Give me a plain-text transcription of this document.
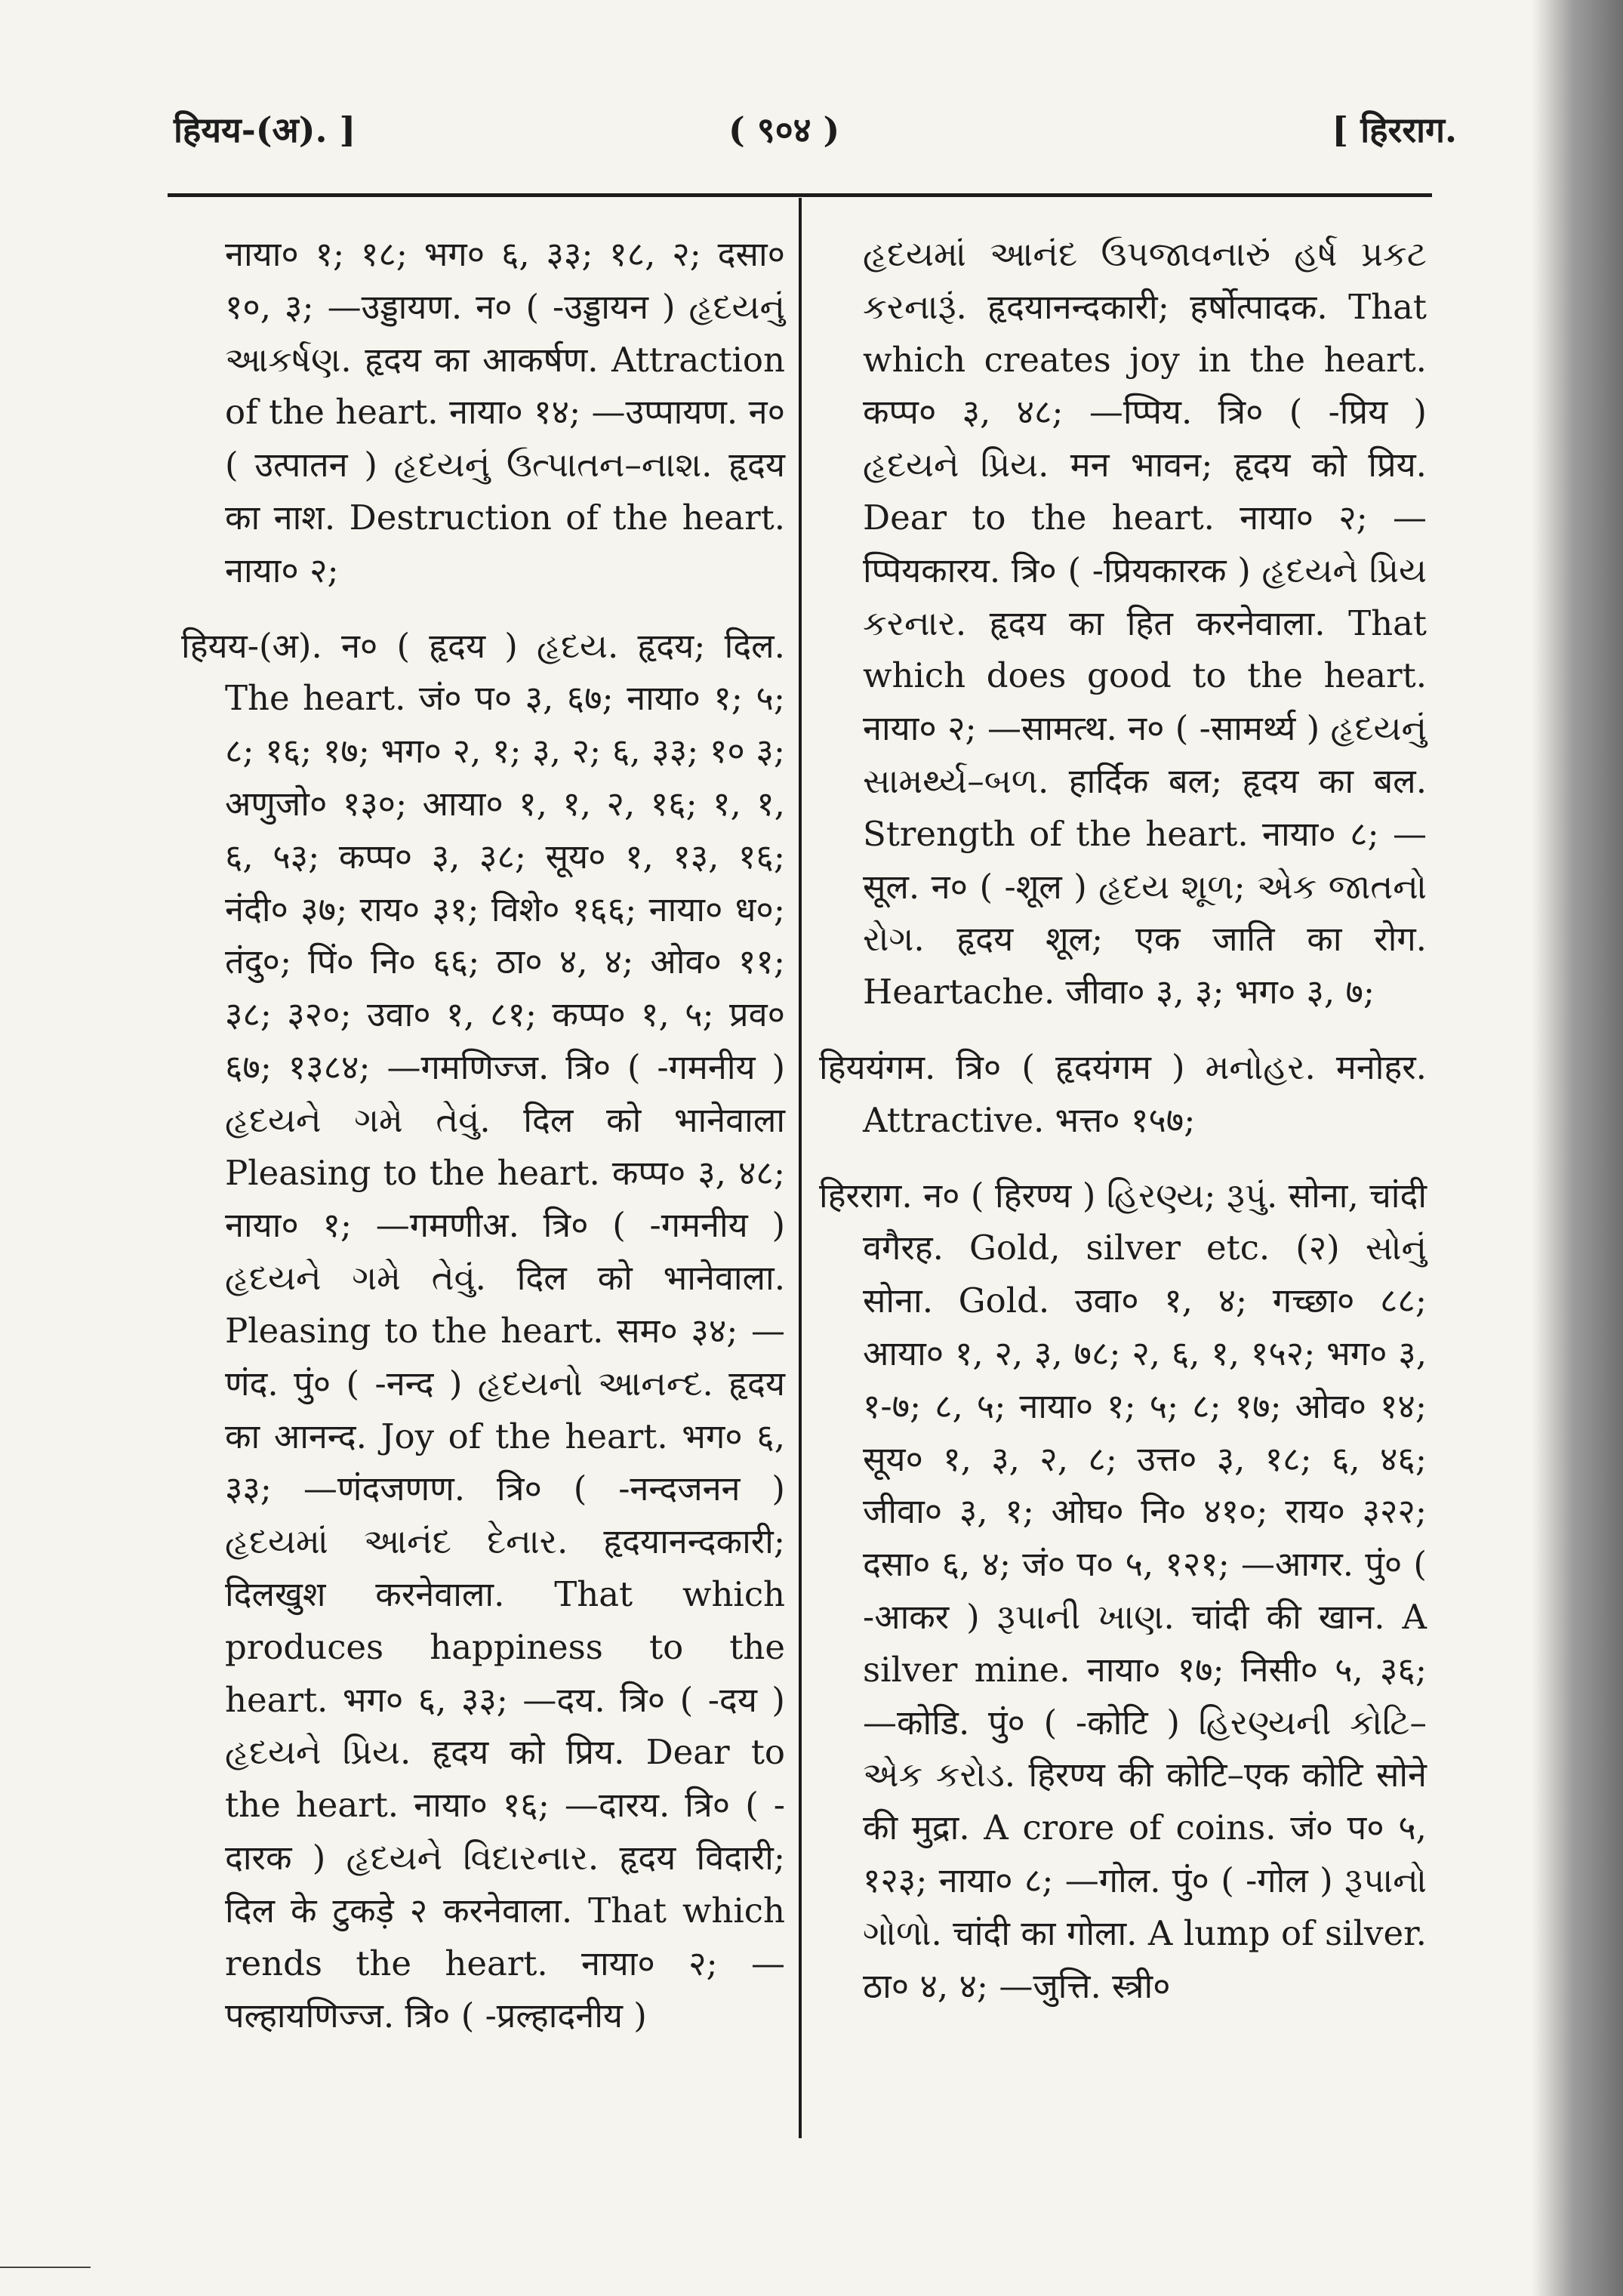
हियय-(अ). ]	( ९०४ )	[ हिरराग.

नाया० १; १८; भग० ६, ३३; १८, २; दसा० १०, ३; —उड्डायण. न० ( -उड्डायन ) હૃદયનું આકર્ષણ. हृदय का आकर्षण. Attraction of the heart. नाया० १४; —उप्पायण. न० ( उत्पातन ) હૃદયનું ઉત્પાતન–નાશ. हृदय का नाश. Destruction of the heart. नाया० २;

हियय-(अ). न० ( हृदय ) હૃદય. हृदय; दिल. The heart. जं० प० ३, ६७; नाया० १; ५; ८; १६; १७; भग० २, १; ३, २; ६, ३३; १० ३; अणुजो० १३०; आया० १, १, २, १६; १, १, ६, ५३; कप्प० ३, ३८; सूय० १, १३, १६; नंदी० ३७; राय० ३१; विशे० १६६; नाया० ध०; तंदु०; पिं० नि० ६६; ठा० ४, ४; ओव० ११; ३८; ३२०; उवा० १, ८१; कप्प० १, ५; प्रव० ६७; १३८४; —गमणिज्ज. त्रि० ( -गमनीय ) હૃદયને ગમે તેવું. दिल को भानेवाला Pleasing to the heart. कप्प० ३, ४८; नाया० १; —गमणीअ. त्रि० ( -गमनीय ) હૃદયને ગમે તેવું. दिल को भानेवाला. Pleasing to the heart. सम० ३४; —णंद. पुं० ( -नन्द ) હૃદયનો આનન્દ. हृदय का आनन्द. Joy of the heart. भग० ६, ३३; —णंदजणण. त्रि० ( -नन्दजनन ) હૃદયમાં આનંદ દેનાર. हृदयानन्दकारी; दिलखुश करनेवाला. That which produces happiness to the heart. भग० ६, ३३; —दय. त्रि० ( -दय ) હૃદયને પ્રિય. हृदय को प्रिय. Dear to the heart. नाया० १६; —दारय. त्रि० ( -दारक ) હૃદયને વિદારનાર. हृदय विदारी; दिल के टुकड़े २ करनेवाला. That which rends the heart. नाया० २; —पल्हायणिज्ज. त्रि० ( -प्रल्हादनीय )

હૃદયમાં આનંદ ઉપજાવનારું હર્ષ પ્રકટ કરનારૂં. हृदयानन्दकारी; हर्षोत्पादक. That which creates joy in the heart. कप्प० ३, ४८; —प्पिय. त्रि० ( -प्रिय ) હૃદયને પ્રિય. मन भावन; हृदय को प्रिय. Dear to the heart. नाया० २; —प्पियकारय. त्रि० ( -प्रियकारक ) હૃદયને પ્રિય કરનાર. हृदय का हित करनेवाला. That which does good to the heart. नाया० २; —सामत्थ. न० ( -सामर्थ्य ) હૃદયનું સામર્થ્ય–બળ. हार्दिक बल; हृदय का बल. Strength of the heart. नाया० ८; —सूल. न० ( -शूल ) હૃદય શૂળ; એક જાતનો રોગ. हृदय शूल; एक जाति का रोग. Heartache. जीवा० ३, ३; भग० ३, ७;

हिययंगम. त्रि० ( हृदयंगम ) મનોહર. मनोहर. Attractive. भत्त० १५७;

हिरराग. न० ( हिरण्य ) હિરણ્ય; રૂપું. सोना, चांदी वगैरह. Gold, silver etc. (२) સોનું सोना. Gold. उवा० १, ४; गच्छा० ८८; आया० १, २, ३, ७८; २, ६, १, १५२; भग० ३, १-७; ८, ५; नाया० १; ५; ८; १७; ओव० १४; सूय० १, ३, २, ८; उत्त० ३, १८; ६, ४६; जीवा० ३, १; ओघ० नि० ४१०; राय० ३२२; दसा० ६, ४; जं० प० ५, १२१; —आगर. पुं० ( -आकर ) રૂપાની ખાણ. चांदी की खान. A silver mine. नाया० १७; निसी० ५, ३६; —कोडि. पुं० ( -कोटि ) હિરણ્યની કોટિ–એક કરોડ. हिरण्य की कोटि–एक कोटि सोने की मुद्रा. A crore of coins. जं० प० ५, १२३; नाया० ८; —गोल. पुं० ( -गोल ) રૂપાનો ગોળો. चांदी का गोला. A lump of silver. ठा० ४, ४; —जुत्ति. स्त्री०
